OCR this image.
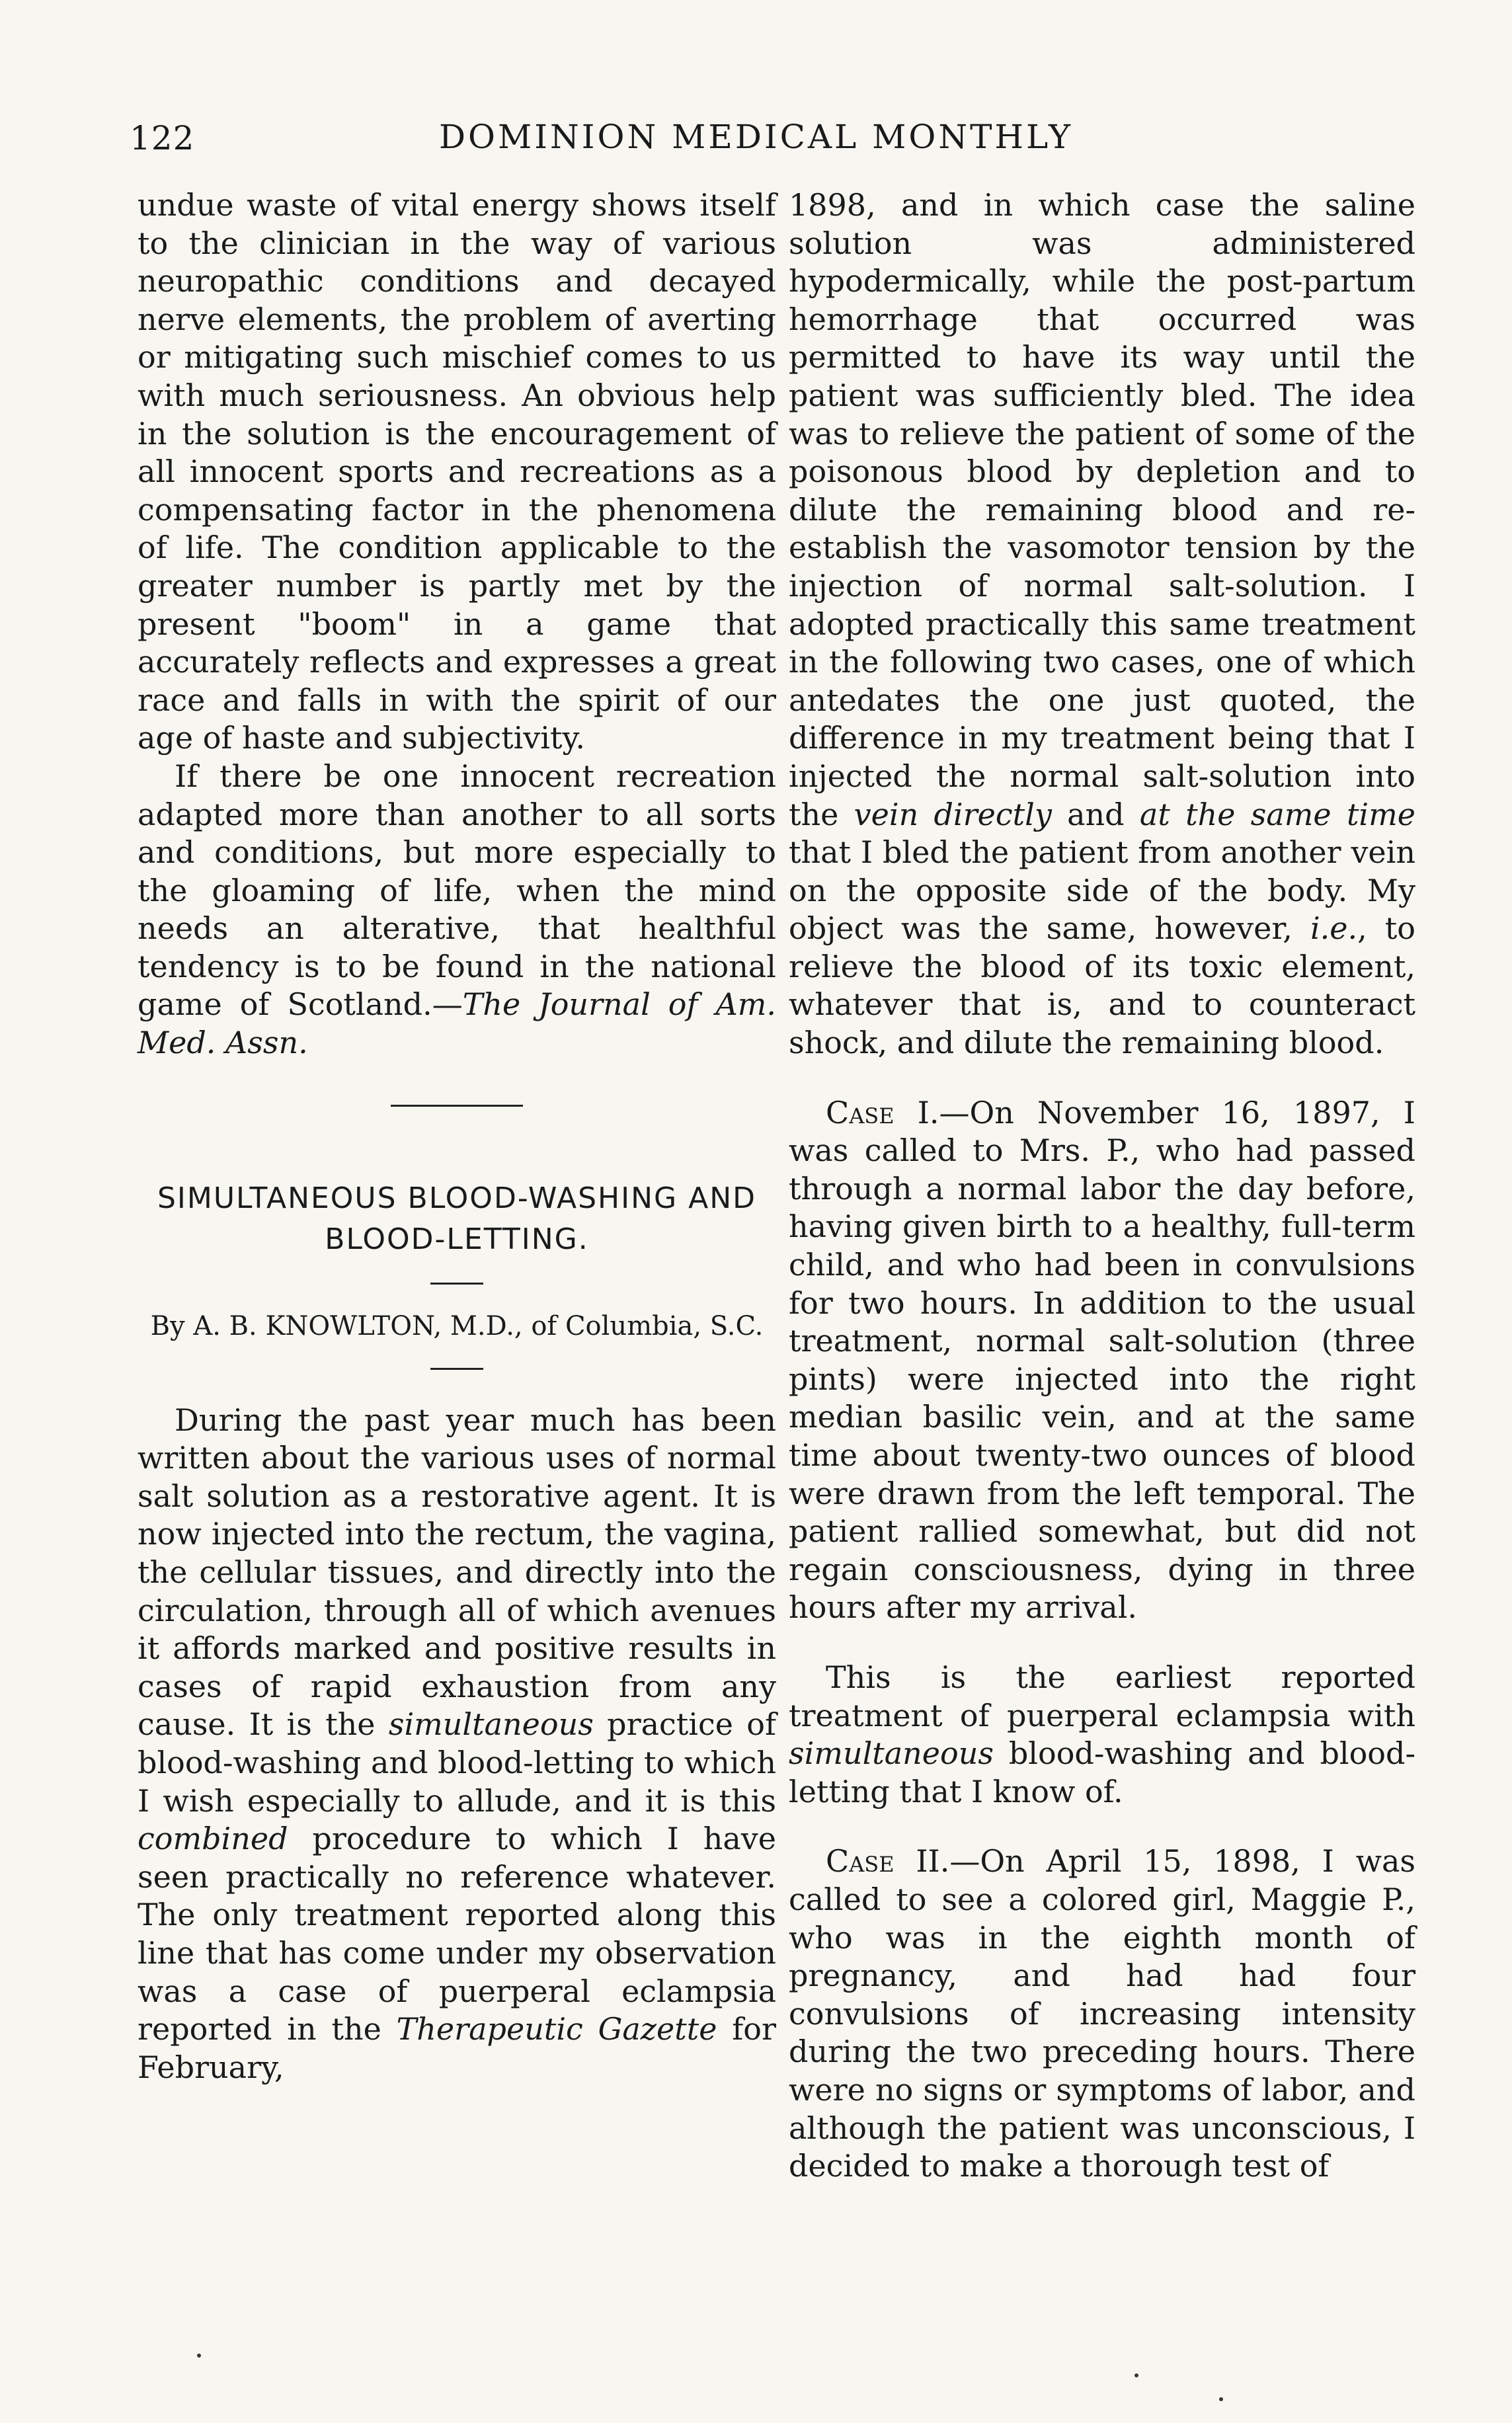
122	DOMINION MEDICAL MONTHLY

undue waste of vital energy shows itself to the clinician in the way of various neuropathic conditions and decayed nerve elements, the problem of averting or mitigating such mischief comes to us with much seriousness. An obvious help in the solution is the encouragement of all innocent sports and recreations as a compensating factor in the phenomena of life. The condition applicable to the greater number is partly met by the present "boom" in a game that accurately reflects and expresses a great race and falls in with the spirit of our age of haste and subjectivity.

If there be one innocent recreation adapted more than another to all sorts and conditions, but more especially to the gloaming of life, when the mind needs an alterative, that healthful tendency is to be found in the national game of Scotland.—The Journal of Am. Med. Assn.

SIMULTANEOUS BLOOD-WASHING AND BLOOD-LETTING.

By A. B. KNOWLTON, M.D., of Columbia, S.C.

During the past year much has been written about the various uses of normal salt solution as a restorative agent. It is now injected into the rectum, the vagina, the cellular tissues, and directly into the circulation, through all of which avenues it affords marked and positive results in cases of rapid exhaustion from any cause. It is the simultaneous practice of blood-washing and blood-letting to which I wish especially to allude, and it is this combined procedure to which I have seen practically no reference whatever. The only treatment reported along this line that has come under my observation was a case of puerperal eclampsia reported in the Therapeutic Gazette for February,

1898, and in which case the saline solution was administered hypodermically, while the post-partum hemorrhage that occurred was permitted to have its way until the patient was sufficiently bled. The idea was to relieve the patient of some of the poisonous blood by depletion and to dilute the remaining blood and re-establish the vasomotor tension by the injection of normal salt-solution. I adopted practically this same treatment in the following two cases, one of which antedates the one just quoted, the difference in my treatment being that I injected the normal salt-solution into the vein directly and at the same time that I bled the patient from another vein on the opposite side of the body. My object was the same, however, i.e., to relieve the blood of its toxic element, whatever that is, and to counteract shock, and dilute the remaining blood.

Case I.—On November 16, 1897, I was called to Mrs. P., who had passed through a normal labor the day before, having given birth to a healthy, full-term child, and who had been in convulsions for two hours. In addition to the usual treatment, normal salt-solution (three pints) were injected into the right median basilic vein, and at the same time about twenty-two ounces of blood were drawn from the left temporal. The patient rallied somewhat, but did not regain consciousness, dying in three hours after my arrival.

This is the earliest reported treatment of puerperal eclampsia with simultaneous blood-washing and blood-letting that I know of.

Case II.—On April 15, 1898, I was called to see a colored girl, Maggie P., who was in the eighth month of pregnancy, and had had four convulsions of increasing intensity during the two preceding hours. There were no signs or symptoms of labor, and although the patient was unconscious, I decided to make a thorough test of
